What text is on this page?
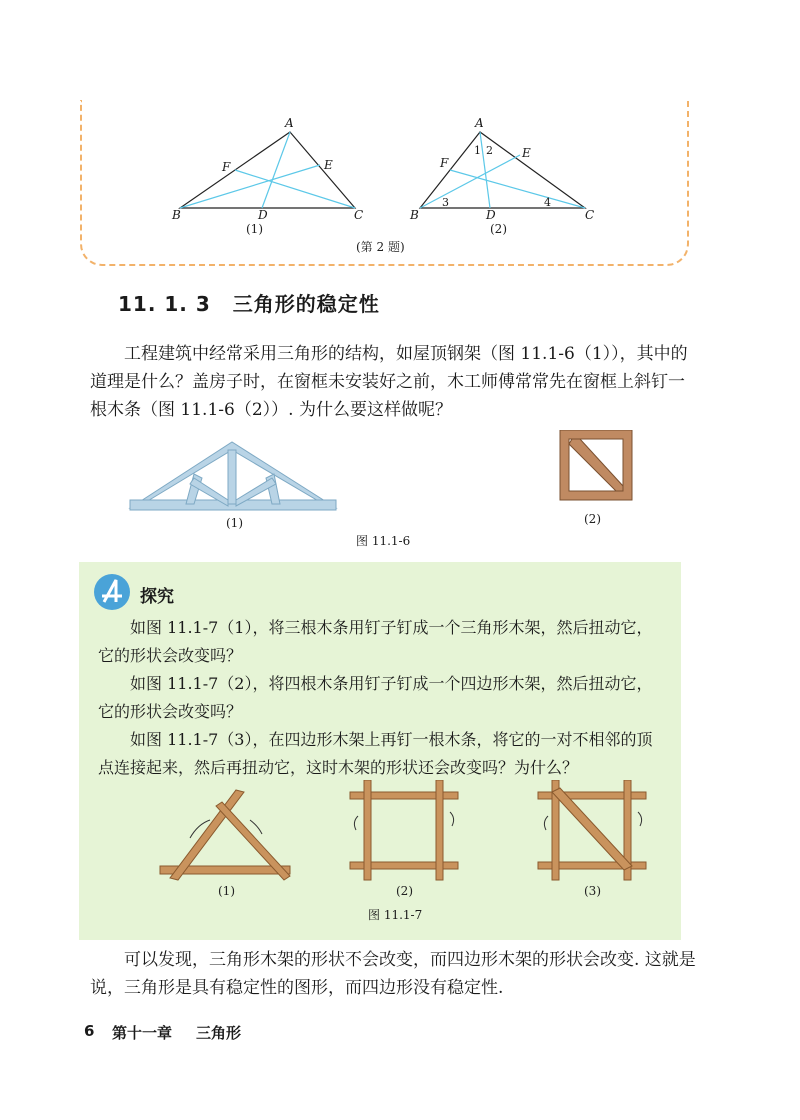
A
F	E
B	D	C
(1)
A
F
E
B	D	C
1 2
3	4
(2)
(第 2 题)
11. 1. 3 三角形的稳定性
工程建筑中经常采用三角形的结构，如屋顶钢架（图 11.1-6（1）），其中的道理是什么？盖房子时，在窗框未安装好之前，木工师傅常常先在窗框上斜钉一根木条（图 11.1-6（2））. 为什么要这样做呢？
(1)	(2)
图 11.1-6
探究
如图 11.1-7（1），将三根木条用钉子钉成一个三角形木架，然后扭动它，它的形状会改变吗？
如图 11.1-7（2），将四根木条用钉子钉成一个四边形木架，然后扭动它，它的形状会改变吗？
如图 11.1-7（3），在四边形木架上再钉一根木条，将它的一对不相邻的顶点连接起来，然后再扭动它，这时木架的形状还会改变吗？为什么？
(1)	(2)	(3)
图 11.1-7
可以发现，三角形木架的形状不会改变，而四边形木架的形状会改变. 这就是说，三角形是具有稳定性的图形，而四边形没有稳定性.
6 第十一章 三角形
